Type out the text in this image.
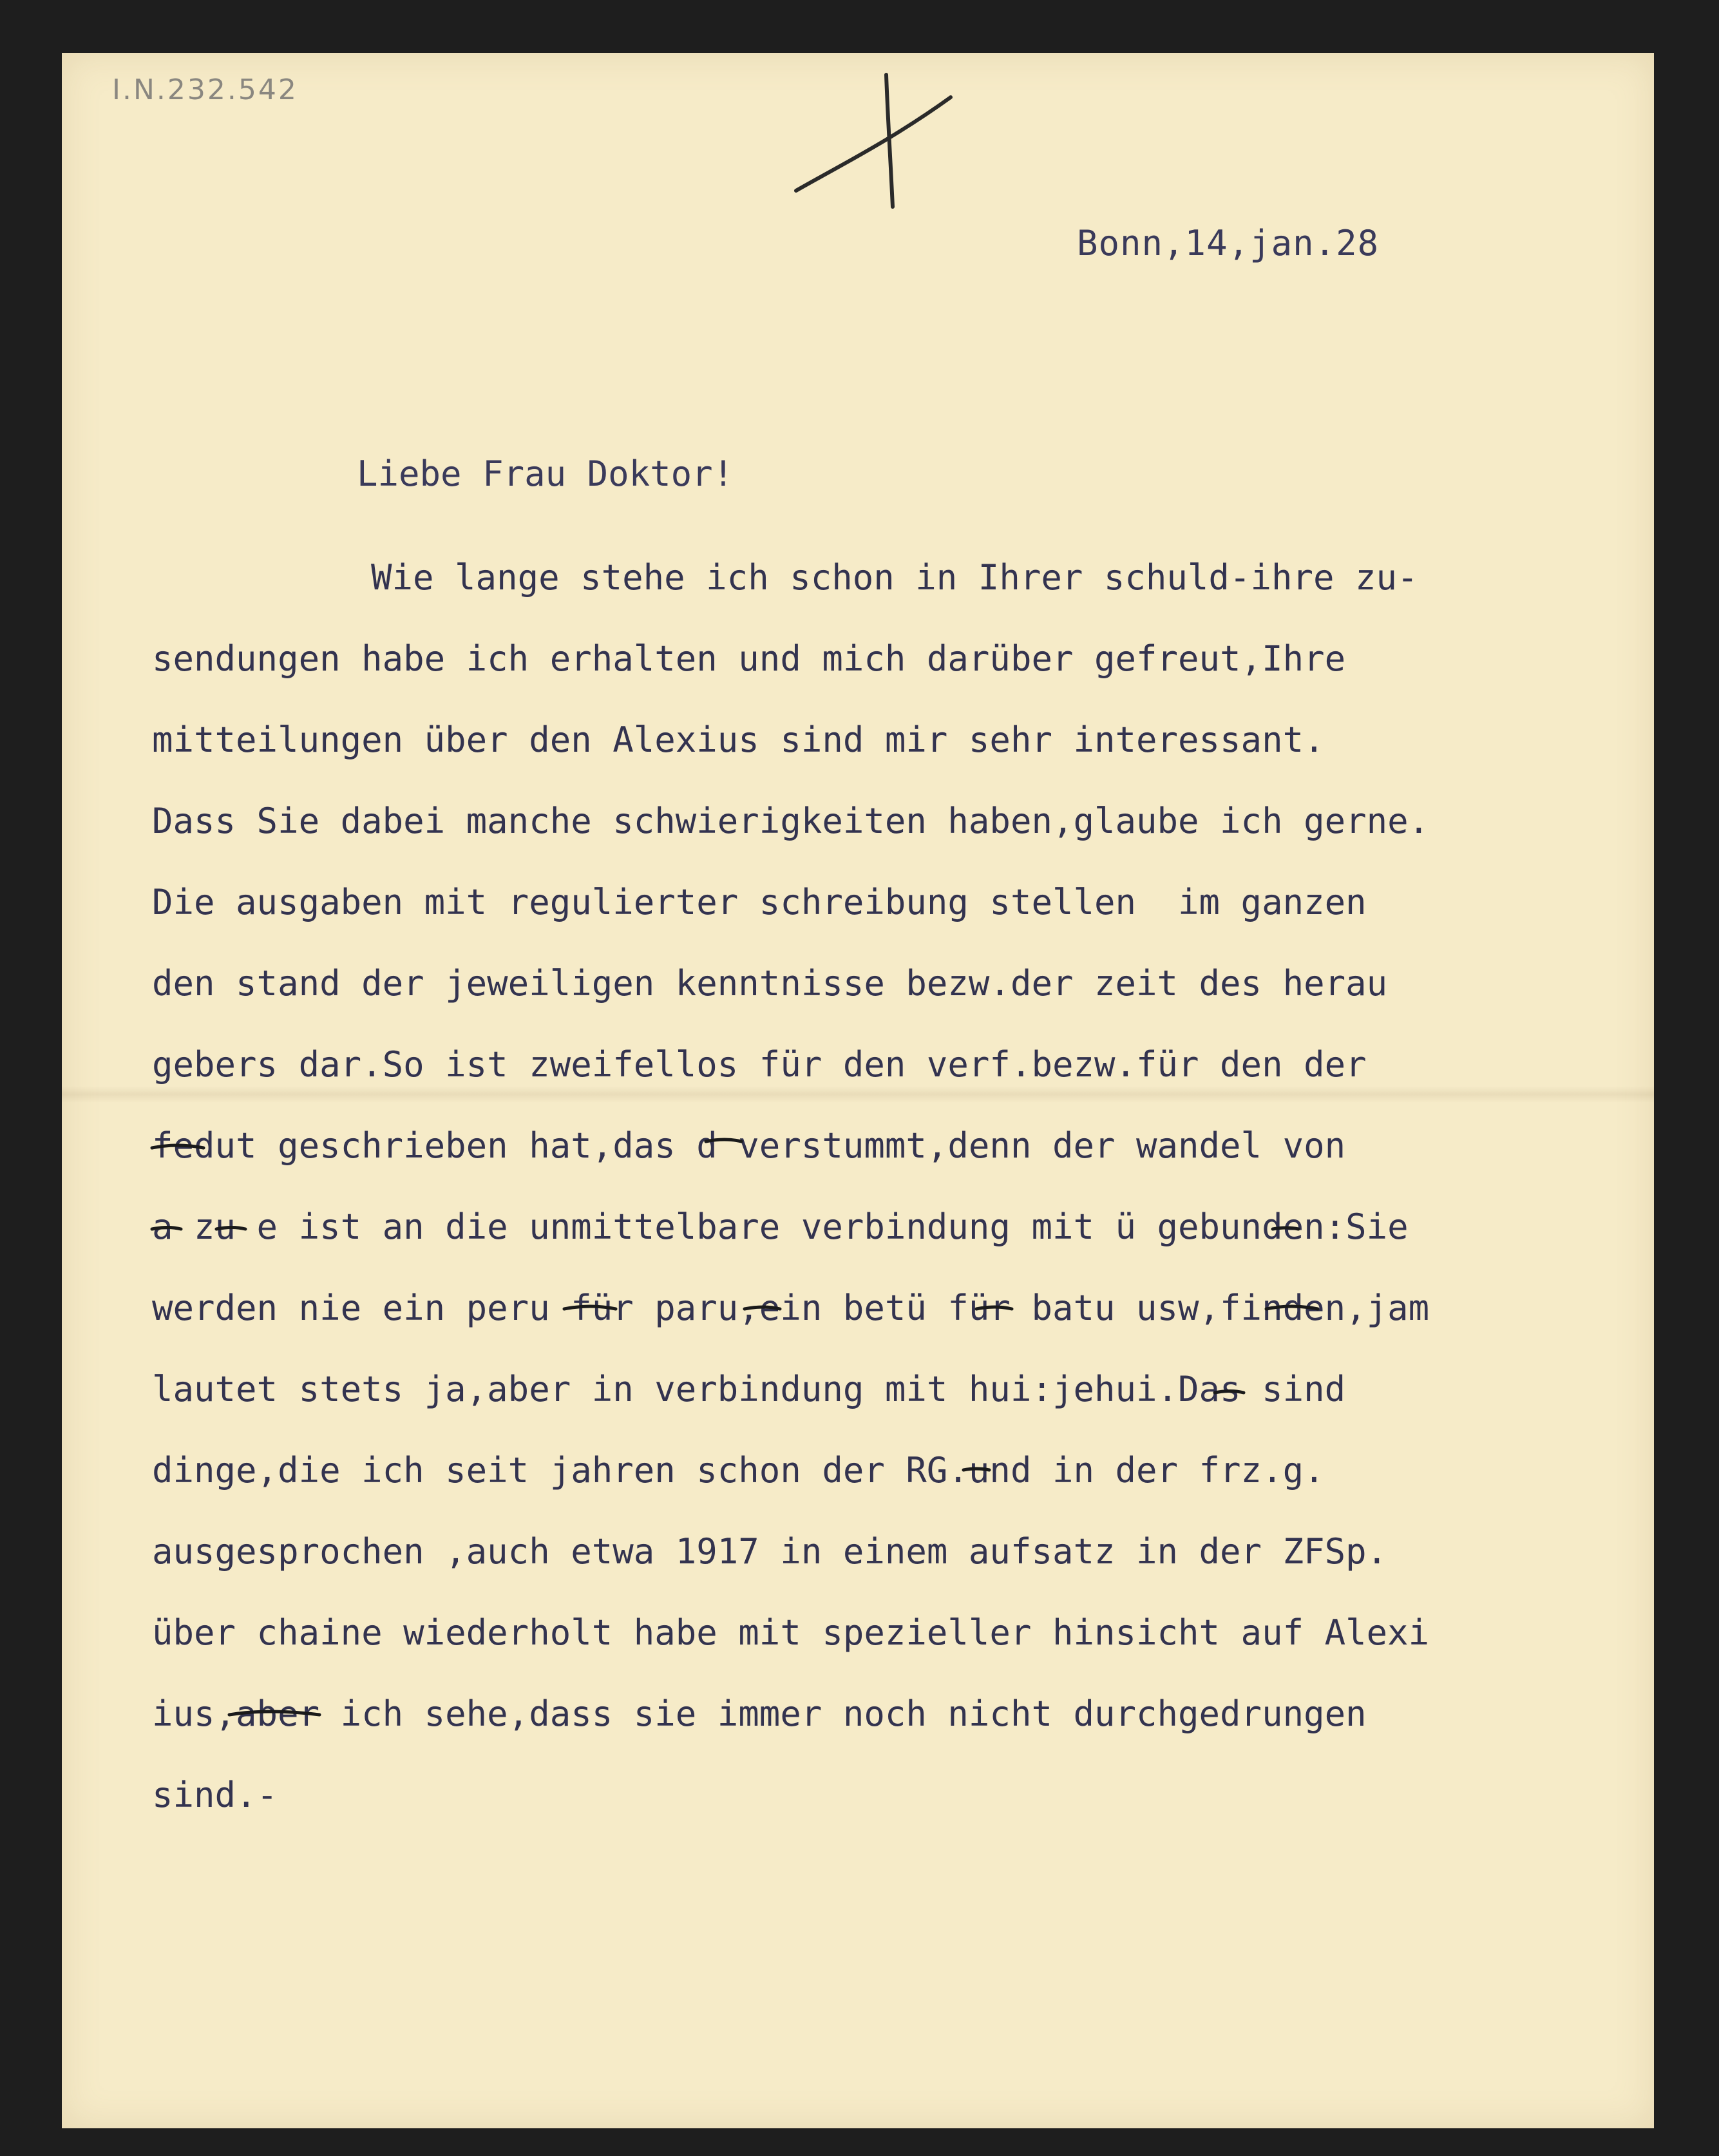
I.N.232.542
Bonn,14,jan.28
Liebe Frau Doktor!
Wie lange stehe ich schon in Ihrer schuld-ihre zu-
sendungen habe ich erhalten und mich darüber gefreut,Ihre
mitteilungen über den Alexius sind mir sehr interessant.
Dass Sie dabei manche schwierigkeiten haben,glaube ich gerne.
Die ausgaben mit regulierter schreibung stellen  im ganzen
den stand der jeweiligen kenntnisse bezw.der zeit des herau
gebers dar.So ist zweifellos für den verf.bezw.für den der
fedut geschrieben hat,das d verstummt,denn der wandel von
a zu e ist an die unmittelbare verbindung mit ü gebunden:Sie
werden nie ein peru für paru,ein betü für batu usw,finden,jam
lautet stets ja,aber in verbindung mit hui:jehui.Das sind
dinge,die ich seit jahren schon der RG.und in der frz.g.
ausgesprochen ,auch etwa 1917 in einem aufsatz in der ZFSp.
über chaine wiederholt habe mit spezieller hinsicht auf Alexi
ius,aber ich sehe,dass sie immer noch nicht durchgedrungen
sind.-
